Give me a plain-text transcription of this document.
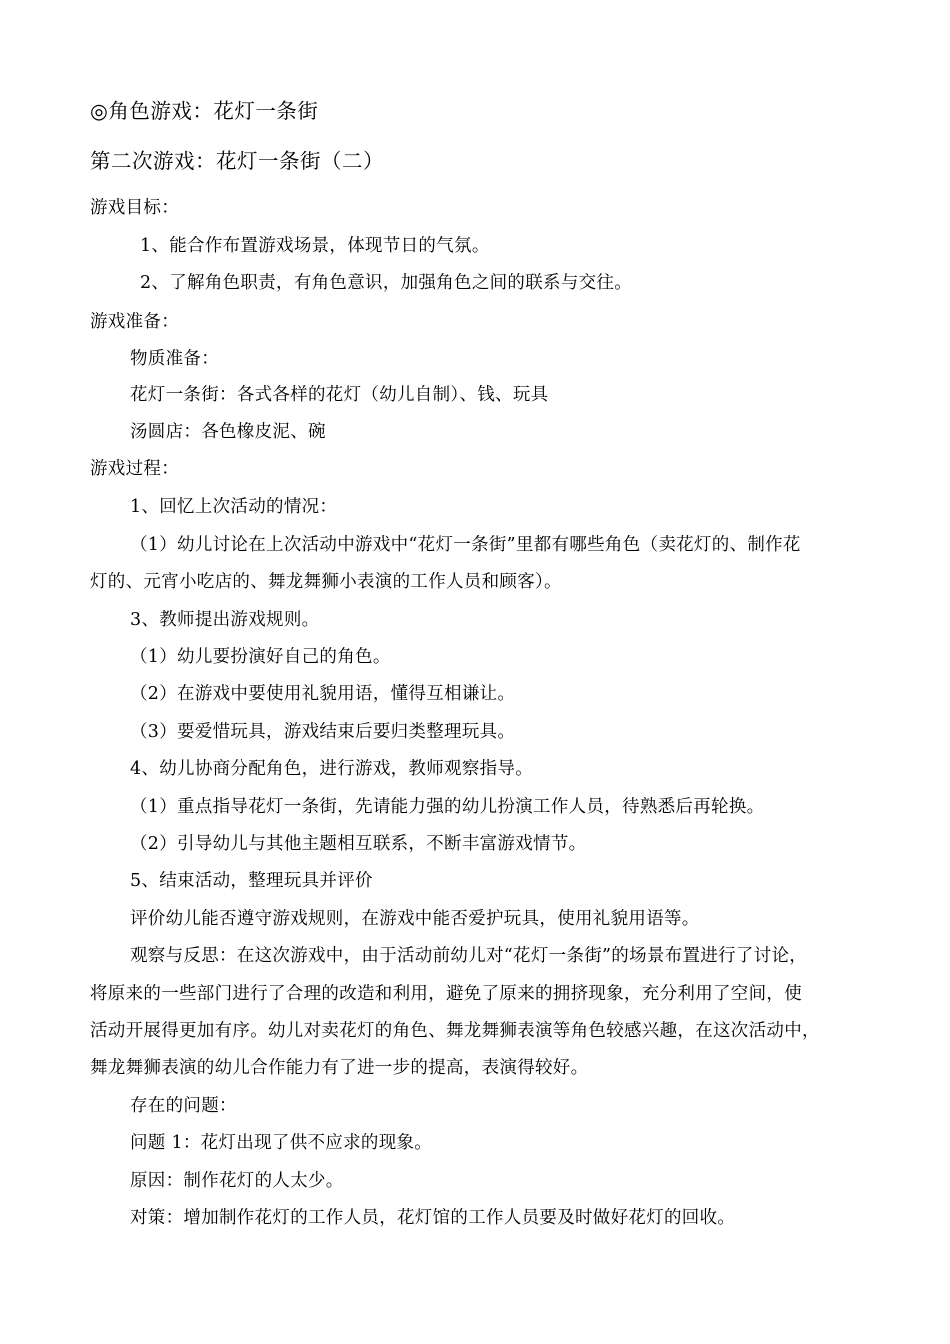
◎角色游戏：花灯一条街
第二次游戏：花灯一条街（二）
游戏目标：
1、能合作布置游戏场景，体现节日的气氛。
2、了解角色职责，有角色意识，加强角色之间的联系与交往。
游戏准备：
物质准备：
花灯一条街：各式各样的花灯（幼儿自制）、钱、玩具
汤圆店：各色橡皮泥、碗
游戏过程：
1、回忆上次活动的情况：
（1）幼儿讨论在上次活动中游戏中“花灯一条街”里都有哪些角色（卖花灯的、制作花
灯的、元宵小吃店的、舞龙舞狮小表演的工作人员和顾客）。
3、教师提出游戏规则。
（1）幼儿要扮演好自己的角色。
（2）在游戏中要使用礼貌用语，懂得互相谦让。
（3）要爱惜玩具，游戏结束后要归类整理玩具。
4、幼儿协商分配角色，进行游戏，教师观察指导。
（1）重点指导花灯一条街，先请能力强的幼儿扮演工作人员，待熟悉后再轮换。
（2）引导幼儿与其他主题相互联系，不断丰富游戏情节。
5、结束活动，整理玩具并评价
评价幼儿能否遵守游戏规则，在游戏中能否爱护玩具，使用礼貌用语等。
观察与反思：在这次游戏中，由于活动前幼儿对“花灯一条街”的场景布置进行了讨论，
将原来的一些部门进行了合理的改造和利用，避免了原来的拥挤现象，充分利用了空间，使
活动开展得更加有序。幼儿对卖花灯的角色、舞龙舞狮表演等角色较感兴趣，在这次活动中，
舞龙舞狮表演的幼儿合作能力有了进一步的提高，表演得较好。
存在的问题：
问题 1：花灯出现了供不应求的现象。
原因：制作花灯的人太少。
对策：增加制作花灯的工作人员，花灯馆的工作人员要及时做好花灯的回收。
